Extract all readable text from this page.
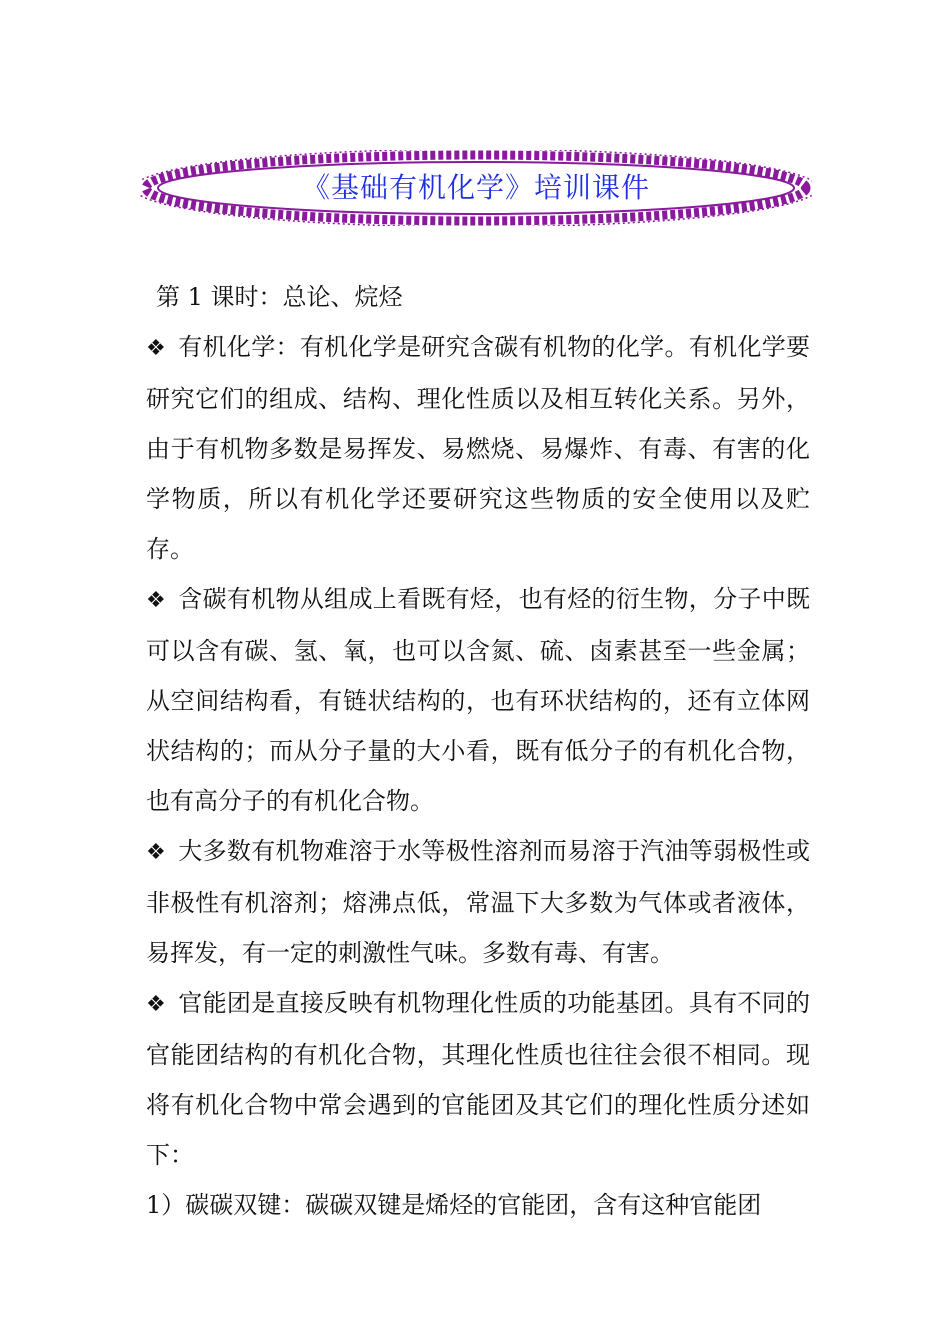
《基础有机化学》培训课件

第 1 课时：总论、烷烃

❖ 有机化学：有机化学是研究含碳有机物的化学。有机化学要研究它们的组成、结构、理化性质以及相互转化关系。另外，由于有机物多数是易挥发、易燃烧、易爆炸、有毒、有害的化学物质，所以有机化学还要研究这些物质的安全使用以及贮存。

❖ 含碳有机物从组成上看既有烃，也有烃的衍生物，分子中既可以含有碳、氢、氧，也可以含氮、硫、卤素甚至一些金属；从空间结构看，有链状结构的，也有环状结构的，还有立体网状结构的；而从分子量的大小看，既有低分子的有机化合物，也有高分子的有机化合物。

❖ 大多数有机物难溶于水等极性溶剂而易溶于汽油等弱极性或非极性有机溶剂；熔沸点低，常温下大多数为气体或者液体，易挥发，有一定的刺激性气味。多数有毒、有害。

❖ 官能团是直接反映有机物理化性质的功能基团。具有不同的官能团结构的有机化合物，其理化性质也往往会很不相同。现将有机化合物中常会遇到的官能团及其它们的理化性质分述如下：

1）碳碳双键：碳碳双键是烯烃的官能团，含有这种官能团
